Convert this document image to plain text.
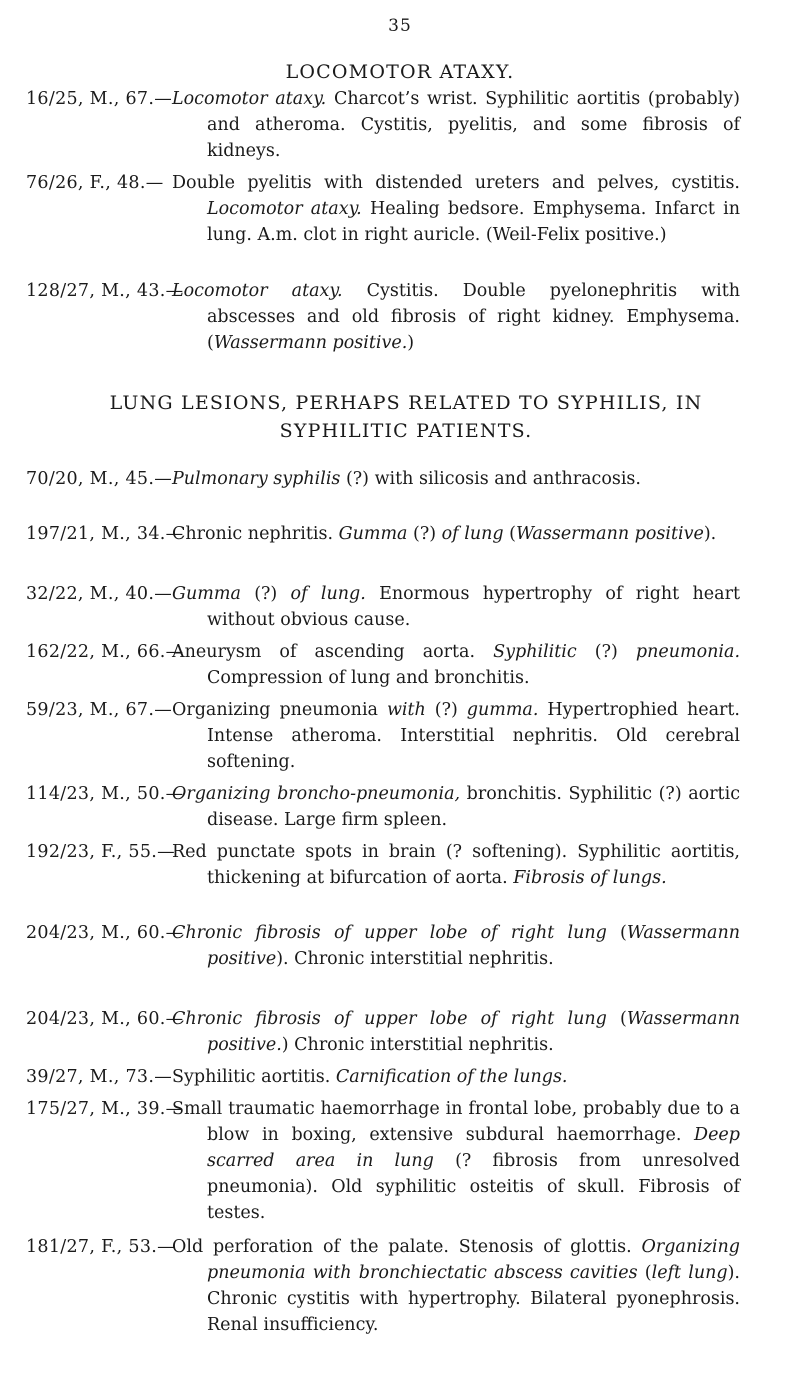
35
LOCOMOTOR ATAXY.
LUNG LESIONS, PERHAPS RELATED TO SYPHILIS, IN SYPHILITIC PATIENTS.
16/25, M., 67.— Locomotor ataxy. Charcot’s wrist. Syphilitic aortitis (probably) and atheroma. Cystitis, pyelitis, and some fibrosis of kidneys.
76/26, F., 48.— Double pyelitis with distended ureters and pelves, cystitis. Locomotor ataxy. Healing bedsore. Emphysema. Infarct in lung. A.m. clot in right auricle. (Weil-Felix positive.)
128/27, M., 43.—
Locomotor ataxy. Cystitis. Double pyelonephritis with abscesses and old fibrosis of right kidney. Emphysema. (Wassermann positive.)
70/20, M., 45.— Pulmonary syphilis (?) with silicosis and anthracosis.
197/21, M., 34.—
Chronic nephritis. Gumma (?) of lung (Wassermann positive).
32/22, M., 40.— Gumma (?) of lung. Enormous hypertrophy of right heart without obvious cause.
162/22, M., 66.—
Aneurysm of ascending aorta. Syphilitic (?) pneumonia. Compression of lung and bronchitis.
59/23, M., 67.— Organizing pneumonia with (?) gumma. Hypertrophied heart. Intense atheroma. Interstitial nephritis. Old cerebral softening.
114/23, M., 50.—
Organizing broncho-pneumonia, bronchitis. Syphilitic (?) aortic disease. Large firm spleen.
192/23, F., 55.—
Red punctate spots in brain (? softening). Syphilitic aortitis, thickening at bifurcation of aorta. Fibrosis of lungs.
204/23, M., 60.—
Chronic fibrosis of upper lobe of right lung (Wassermann positive). Chronic interstitial nephritis.
204/23, M., 60.—
Chronic fibrosis of upper lobe of right lung (Wassermann positive.) Chronic interstitial nephritis.
39/27, M., 73.— Syphilitic aortitis. Carnification of the lungs.
175/27, M., 39.—
Small traumatic haemorrhage in frontal lobe, probably due to a blow in boxing, extensive subdural haemorrhage. Deep scarred area in lung (? fibrosis from unresolved pneumonia). Old syphilitic osteitis of skull. Fibrosis of testes.
181/27, F., 53.—
Old perforation of the palate. Stenosis of glottis. Organizing pneumonia with bronchiectatic abscess cavities (left lung). Chronic cystitis with hypertrophy. Bilateral pyonephrosis. Renal insufficiency.
